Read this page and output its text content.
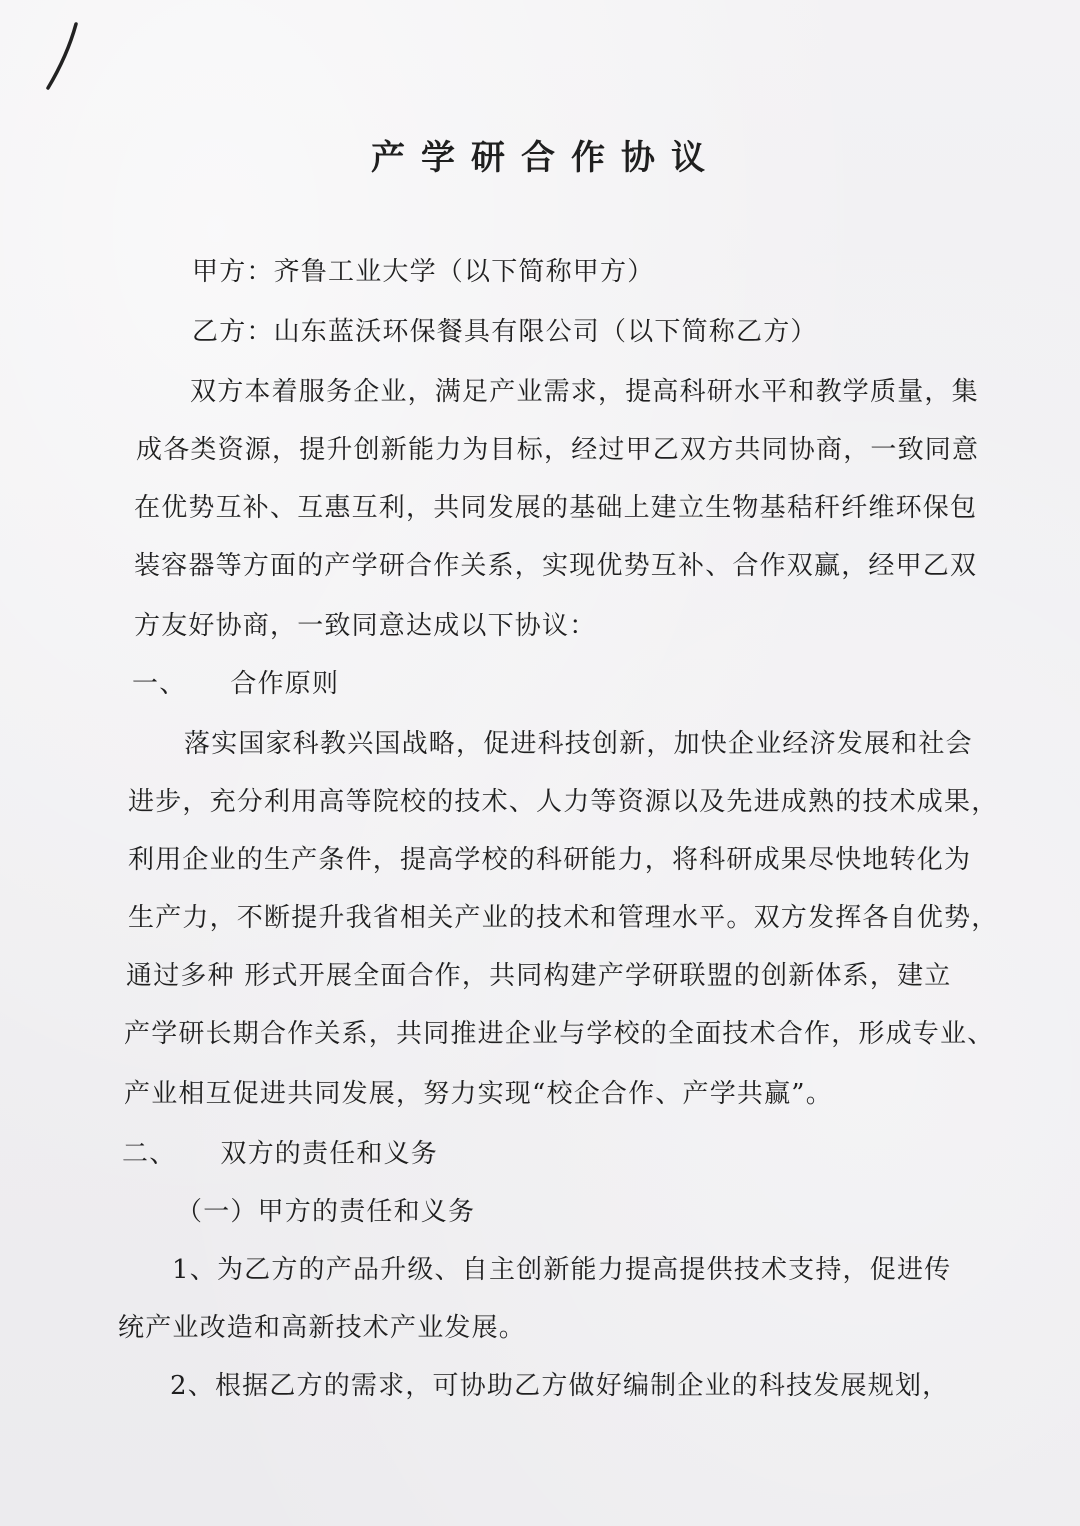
产学研合作协议
甲方：齐鲁工业大学（以下简称甲方）
乙方：山东蓝沃环保餐具有限公司（以下简称乙方）
双方本着服务企业，满足产业需求，提高科研水平和教学质量，集
成各类资源，提升创新能力为目标，经过甲乙双方共同协商，一致同意
在优势互补、互惠互利，共同发展的基础上建立生物基秸秆纤维环保包
装容器等方面的产学研合作关系，实现优势互补、合作双赢，经甲乙双
方友好协商，一致同意达成以下协议：
一、 合作原则
落实国家科教兴国战略，促进科技创新，加快企业经济发展和社会
进步，充分利用高等院校的技术、人力等资源以及先进成熟的技术成果，
利用企业的生产条件，提高学校的科研能力，将科研成果尽快地转化为
生产力，不断提升我省相关产业的技术和管理水平。双方发挥各自优势，
通过多种 形式开展全面合作，共同构建产学研联盟的创新体系，建立
产学研长期合作关系，共同推进企业与学校的全面技术合作，形成专业、
产业相互促进共同发展，努力实现“校企合作、产学共赢”。
二、 双方的责任和义务
（一）甲方的责任和义务
1、为乙方的产品升级、自主创新能力提高提供技术支持，促进传
统产业改造和高新技术产业发展。
2、根据乙方的需求，可协助乙方做好编制企业的科技发展规划，
